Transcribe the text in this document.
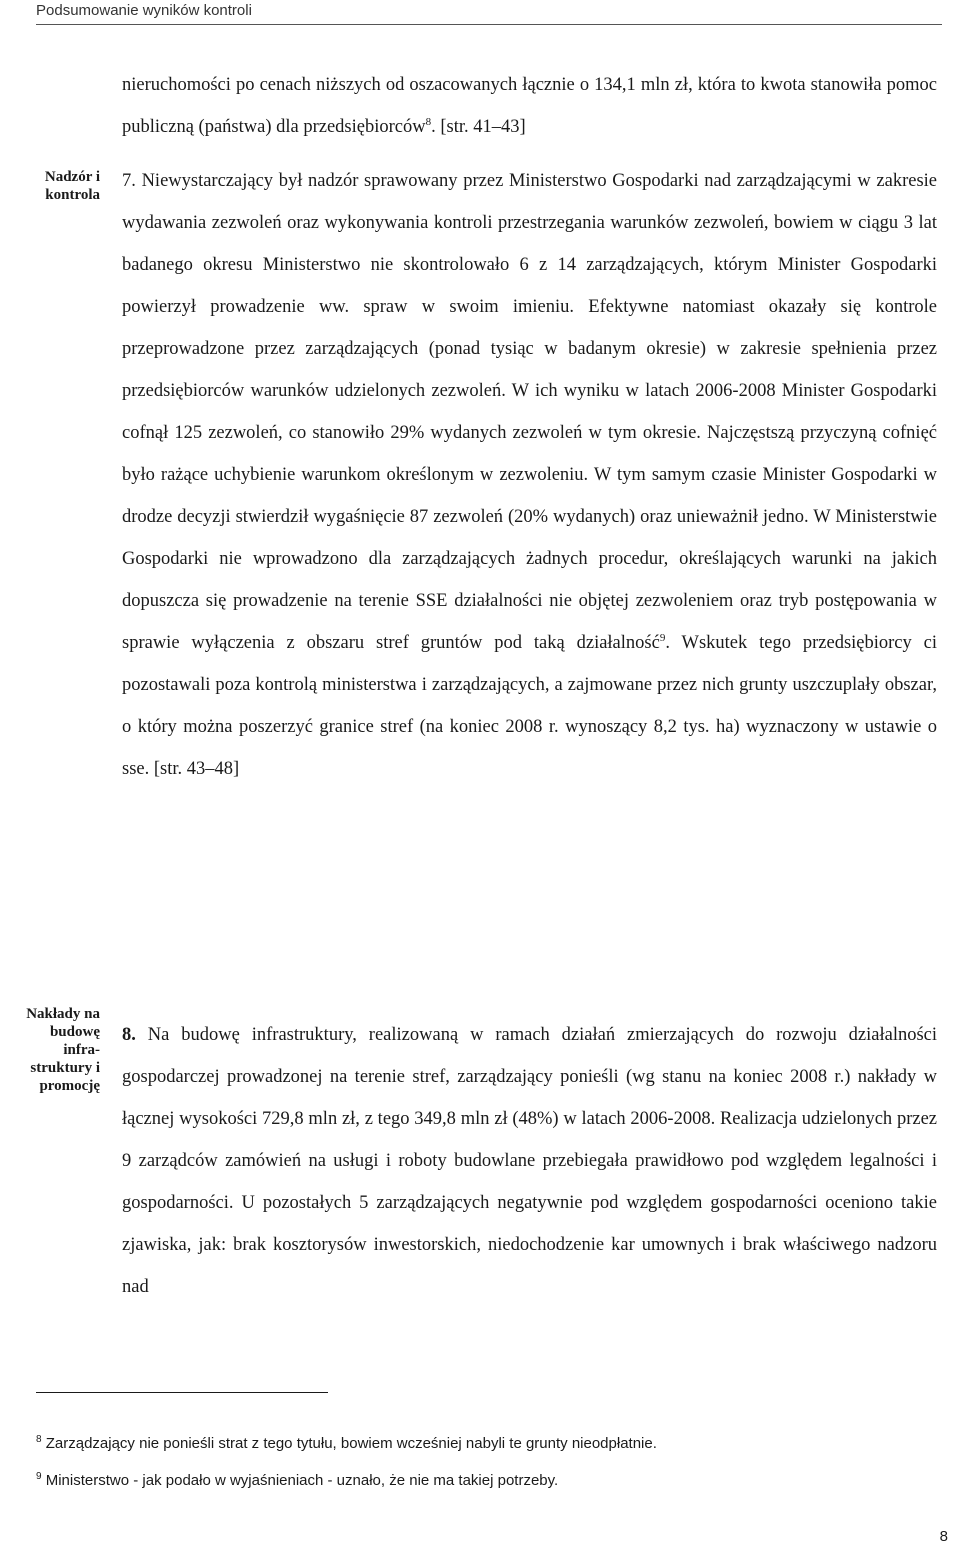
Podsumowanie wyników kontroli
Nadzór i
kontrola
Nakłady na
budowę
infra-
struktury i
promocję

nieruchomości po cenach niższych od oszacowanych łącznie o 134,1 mln zł, która to kwota stanowiła pomoc publiczną (państwa) dla przedsiębiorców$^8$. [str. 41–43]

7. Niewystarczający był nadzór sprawowany przez Ministerstwo Gospodarki nad zarządzającymi w zakresie wydawania zezwoleń oraz wykonywania kontroli przestrzegania warunków zezwoleń, bowiem w ciągu 3 lat badanego okresu Ministerstwo nie skontrolowało 6 z 14 zarządzających, którym Minister Gospodarki powierzył prowadzenie ww. spraw w swoim imieniu. Efektywne natomiast okazały się kontrole przeprowadzone przez zarządzających (ponad tysiąc w badanym okresie) w zakresie spełnienia przez przedsiębiorców warunków udzielonych zezwoleń. W ich wyniku w latach 2006-2008 Minister Gospodarki cofnął 125 zezwoleń, co stanowiło 29% wydanych zezwoleń w tym okresie. Najczęstszą przyczyną cofnięć było rażące uchybienie warunkom określonym w zezwoleniu. W tym samym czasie Minister Gospodarki w drodze decyzji stwierdził wygaśnięcie 87 zezwoleń (20% wydanych) oraz unieważnił jedno. W Ministerstwie Gospodarki nie wprowadzono dla zarządzających żadnych procedur, określających warunki na jakich dopuszcza się prowadzenie na terenie SSE działalności nie objętej zezwoleniem oraz tryb postępowania w sprawie wyłączenia z obszaru stref gruntów pod taką działalność$^9$. Wskutek tego przedsiębiorcy ci pozostawali poza kontrolą ministerstwa i zarządzających, a zajmowane przez nich grunty uszczuplały obszar, o który można poszerzyć granice stref (na koniec 2008 r. wynoszący 8,2 tys. ha) wyznaczony w ustawie o sse. [str. 43–48]

8. Na budowę infrastruktury, realizowaną w ramach działań zmierzających do rozwoju działalności gospodarczej prowadzonej na terenie stref, zarządzający ponieśli (wg stanu na koniec 2008 r.) nakłady w łącznej wysokości 729,8 mln zł, z tego 349,8 mln zł (48%) w latach 2006-2008. Realizacja udzielonych przez 9 zarządców zamówień na usługi i roboty budowlane przebiegała prawidłowo pod względem legalności i gospodarności. U pozostałych 5 zarządzających negatywnie pod względem gospodarności oceniono takie zjawiska, jak: brak kosztorysów inwestorskich, niedochodzenie kar umownych i brak właściwego nadzoru nad

$^8$ Zarządzający nie ponieśli strat z tego tytułu, bowiem wcześniej nabyli te grunty nieodpłatnie.
$^9$ Ministerstwo - jak podało w wyjaśnieniach - uznało, że nie ma takiej potrzeby.
8
